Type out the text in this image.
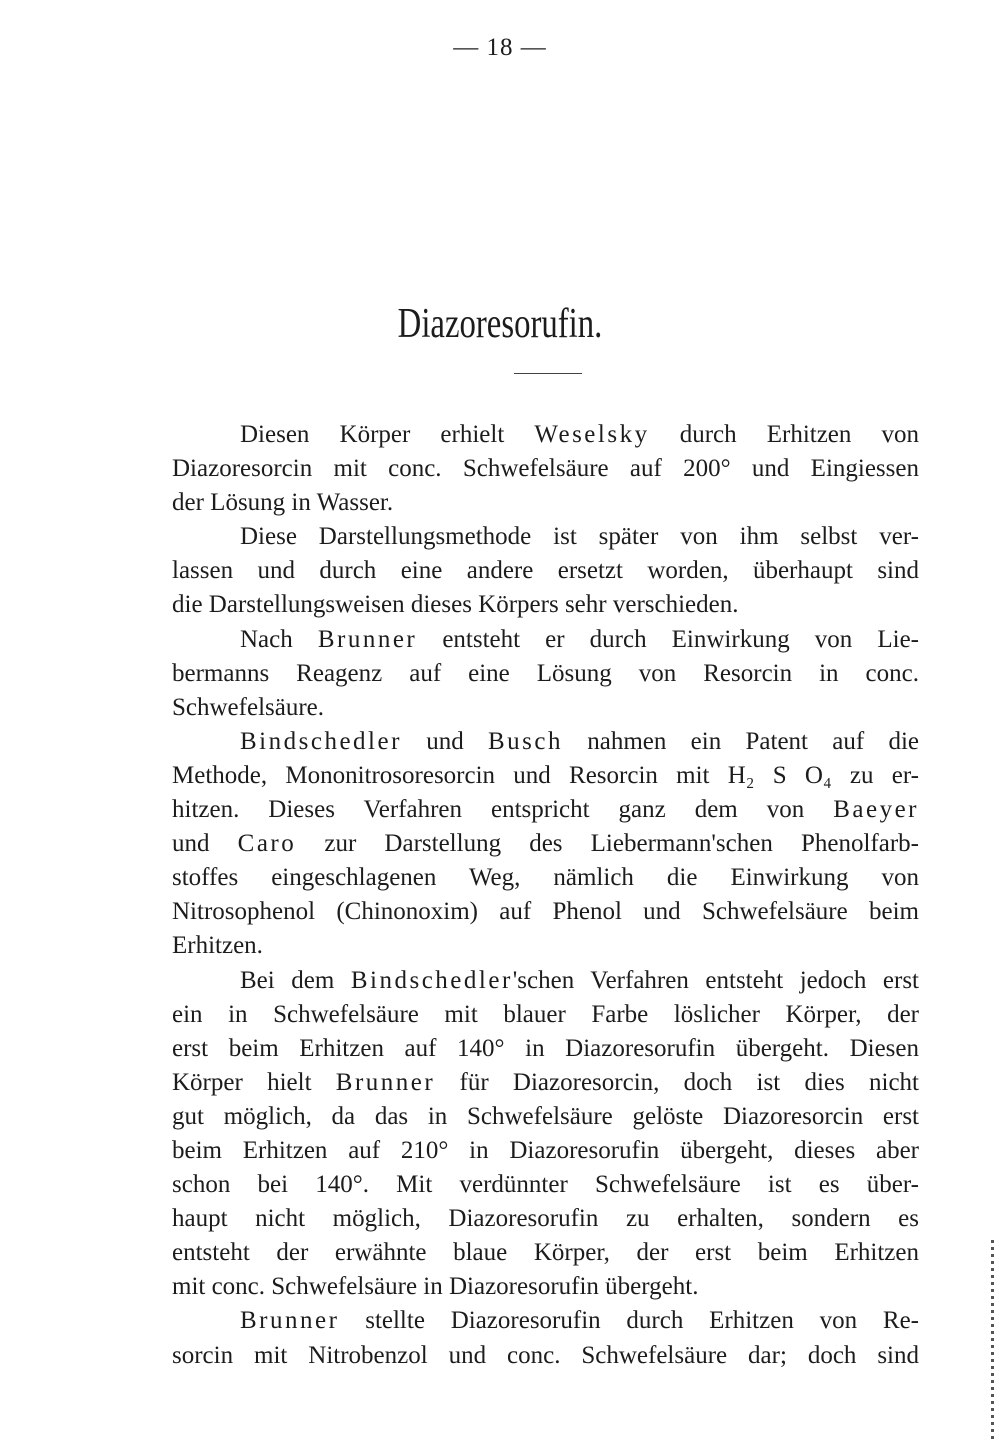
— 18 —
Diazoresorufin.
Diesen Körper erhielt Weselsky durch Erhitzen von
Diazoresorcin mit conc. Schwefelsäure auf 200° und Eingiessen
der Lösung in Wasser.
Diese Darstellungsmethode ist später von ihm selbst ver-
lassen und durch eine andere ersetzt worden, überhaupt sind
die Darstellungsweisen dieses Körpers sehr verschieden.
Nach Brunner entsteht er durch Einwirkung von Lie-
bermanns Reagenz auf eine Lösung von Resorcin in conc.
Schwefelsäure.
Bindschedler und Busch nahmen ein Patent auf die
Methode, Mononitrosoresorcin und Resorcin mit H₂ S O₄ zu er-
hitzen. Dieses Verfahren entspricht ganz dem von Baeyer
und Caro zur Darstellung des Liebermann'schen Phenolfarb-
stoffes eingeschlagenen Weg, nämlich die Einwirkung von
Nitrosophenol (Chinonoxim) auf Phenol und Schwefelsäure beim
Erhitzen.
Bei dem Bindschedler'schen Verfahren entsteht jedoch erst
ein in Schwefelsäure mit blauer Farbe löslicher Körper, der
erst beim Erhitzen auf 140° in Diazoresorufin übergeht. Diesen
Körper hielt Brunner für Diazoresorcin, doch ist dies nicht
gut möglich, da das in Schwefelsäure gelöste Diazoresorcin erst
beim Erhitzen auf 210° in Diazoresorufin übergeht, dieses aber
schon bei 140°. Mit verdünnter Schwefelsäure ist es über-
haupt nicht möglich, Diazoresorufin zu erhalten, sondern es
entsteht der erwähnte blaue Körper, der erst beim Erhitzen
mit conc. Schwefelsäure in Diazoresorufin übergeht.
Brunner stellte Diazoresorufin durch Erhitzen von Re-
sorcin mit Nitrobenzol und conc. Schwefelsäure dar; doch sind
